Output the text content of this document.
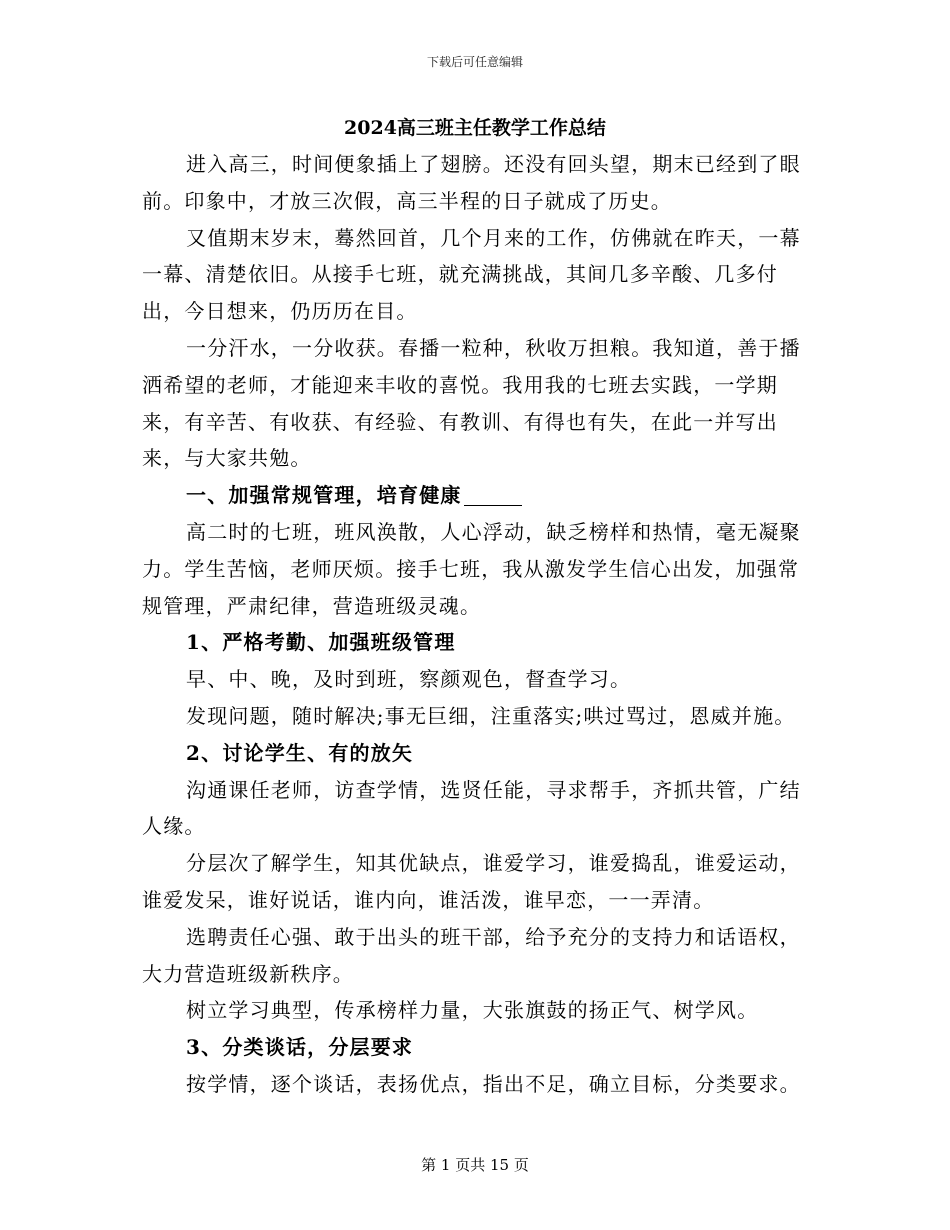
下载后可任意编辑
2024高三班主任教学工作总结

进入高三，时间便象插上了翅膀。还没有回头望，期末已经到了眼前。印象中，才放三次假，高三半程的日子就成了历史。

又值期末岁末，蓦然回首，几个月来的工作，仿佛就在昨天，一幕一幕、清楚依旧。从接手七班，就充满挑战，其间几多辛酸、几多付出，今日想来，仍历历在目。

一分汗水，一分收获。春播一粒种，秋收万担粮。我知道，善于播洒希望的老师，才能迎来丰收的喜悦。我用我的七班去实践，一学期来，有辛苦、有收获、有经验、有教训、有得也有失，在此一并写出来，与大家共勉。

一、加强常规管理，培育健康

高二时的七班，班风涣散，人心浮动，缺乏榜样和热情，毫无凝聚力。学生苦恼，老师厌烦。接手七班，我从激发学生信心出发，加强常规管理，严肃纪律，营造班级灵魂。

1、严格考勤、加强班级管理

早、中、晚，及时到班，察颜观色，督查学习。

发现问题，随时解决;事无巨细，注重落实;哄过骂过，恩威并施。

2、讨论学生、有的放矢

沟通课任老师，访查学情，选贤任能，寻求帮手，齐抓共管，广结人缘。

分层次了解学生，知其优缺点，谁爱学习，谁爱捣乱，谁爱运动，谁爱发呆，谁好说话，谁内向，谁活泼，谁早恋，一一弄清。

选聘责任心强、敢于出头的班干部，给予充分的支持力和话语权，大力营造班级新秩序。

树立学习典型，传承榜样力量，大张旗鼓的扬正气、树学风。

3、分类谈话，分层要求

按学情，逐个谈话，表扬优点，指出不足，确立目标，分类要求。

第 1 页共 15 页
